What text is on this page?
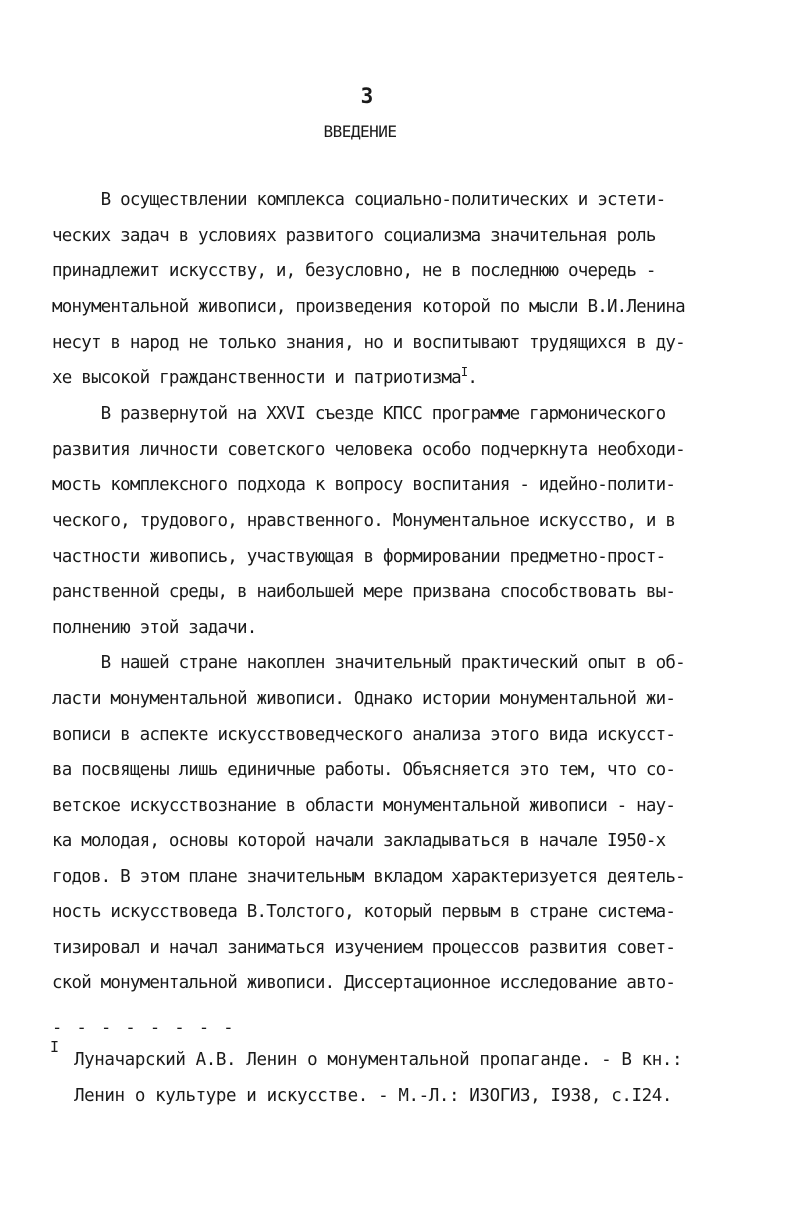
3
ВВЕДЕНИЕ
В осуществлении комплекса социально-политических и эстети-
ческих задач в условиях развитого социализма значительная роль
принадлежит искусству, и, безусловно, не в последнюю очередь -
монументальной живописи, произведения которой по мысли В.И.Ленина
несут в народ не только знания, но и воспитывают трудящихся в ду-
хе высокой гражданственности и патриотизма$^I$.
В развернутой на XXVI съезде КПСС программе гармонического
развития личности советского человека особо подчеркнута необходи-
мость комплексного подхода к вопросу воспитания - идейно-полити-
ческого, трудового, нравственного. Монументальное искусство, и в
частности живопись, участвующая в формировании предметно-прост-
ранственной среды, в наибольшей мере призвана способствовать вы-
полнению этой задачи.
В нашей стране накоплен значительный практический опыт в об-
ласти монументальной живописи. Однако истории монументальной жи-
вописи в аспекте искусствоведческого анализа этого вида искусст-
ва посвящены лишь единичные работы. Объясняется это тем, что со-
ветское искусствознание в области монументальной живописи - нау-
ка молодая, основы которой начали закладываться в начале I950-х
годов. В этом плане значительным вкладом характеризуется деятель-
ность искусствоведа В.Толстого, который первым в стране система-
тизировал и начал заниматься изучением процессов развития совет-
ской монументальной живописи. Диссертационное исследование авто-
- - - - - - - -
I
Луначарский А.В. Ленин о монументальной пропаганде. - В кн.:
Ленин о культуре и искусстве. - М.-Л.: ИЗОГИЗ, I938, с.I24.
